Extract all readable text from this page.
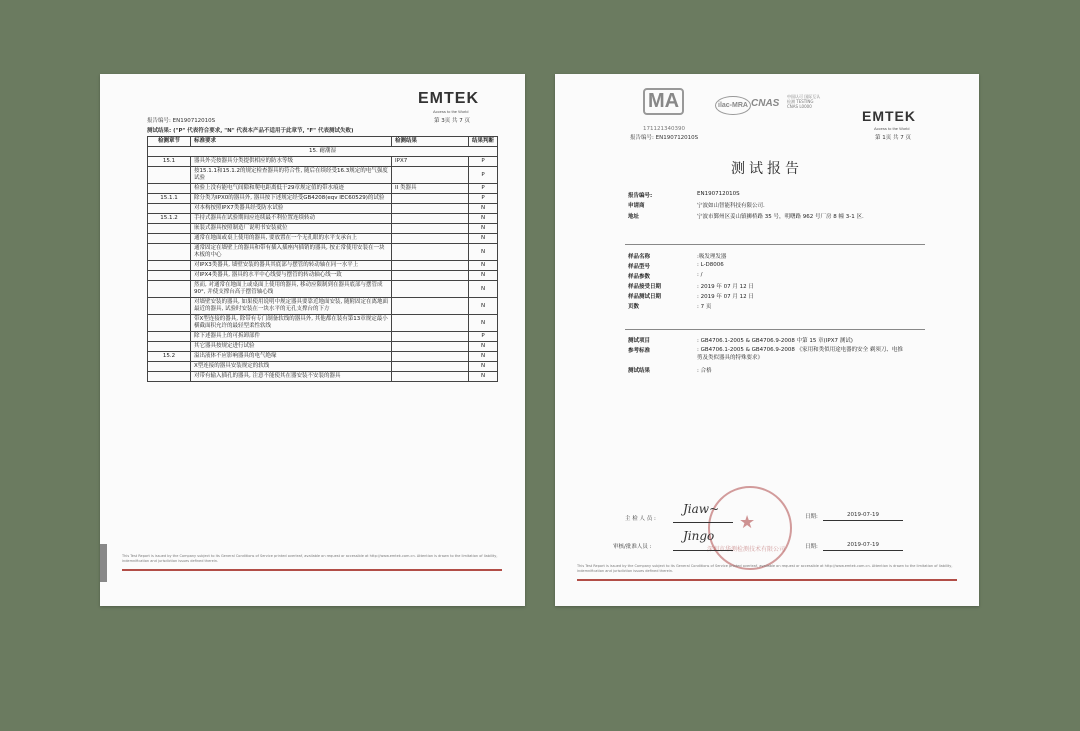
EMTEK
Access to the World
报告编号: EN190712010S	第 3页 共 7 页
测试结果: ("P" 代表符合要求, "N" 代表本产品不适用于此章节, "F" 代表测试失败)
检测章节	标准要求	检测结果	结果判断
15. 耐潮湿			
15.1	器具外壳按器具分类提供相应的防水等级	IPX7	P
	按15.1.1和15.1.2的规定检查器具的符合性, 随后在续经受16.3规定的电气强度试验		P
	检验上没有能电气间隙和爬电距离低于29章规定值的带水痕迹	II 类器具	P
15.1.1	除分类为IPX0的器具外, 器具按下述规定经受GB4208(eqv IEC60529)的试验		P
	对本构按照IPX7类器具经受防水试验		N
15.1.2	手持式器具在试验期间应连续最不利位置连续转动		N
	嵌装式器具按照制造厂说明书安装就位		N
	通常在地面或桌上使用的器具, 要放置在一个无孔眼的水平支承台上		N
	通常固定在墙壁上的器具和带有插入插座内插销的器具, 按正常使用安装在一块木板的中心		N
	对IPX3类器具, 墙壁安装的器具其底部与摆管的转动轴在同一水平上		N
	对IPX4类器具, 器具的水平中心线要与摆管的转动轴心线一致		N
	然而, 对通常在地面上或桌面上使用的器具, 移动应限制到在器具底部与摆管成90°, 并使支撑台高于摆管轴心线		N
	对墙壁安装的器具, 如果使用说明中规定器具要靠近地面安装, 随附固定在离地面最近的器具, 试验时安装在一块水平的无孔支撑台的下方		N
	带X型连接的器具, 除带有专门制备软线的器具外, 其他都在装有第13章规定最小横截面积允许的最轻型柔性软线		N
	除下述器具上的可拆卸部件		P
	其它器具按规定进行试验		N
15.2	溢出液体不应影响器具的电气绝缘		N
	X型连接的器具安装规定的软线		N
	对带有输入插孔的器具, 注意不能使其在器安装不安装的器具		N
This Test Report is issued by the Company subject to its General Conditions of Service printed overleaf, available on request or accessible at http://www.emtek.com.cn. Attention is drawn to the limitation of liability, indemnification and jurisdiction issues defined therein.
MA	ilac-MRA CNAS
中国认可 国际互认 检测 TESTING CNAS L0000
171121340390
报告编号: EN190712010S
EMTEK
Access to the World
第 1页 共 7 页
测试报告
报告编号:	EN190712010S
申请商	宁波如山智能科技有限公司.
地址	宁波市鄞州区姜山镇狮桥路 35 号，明曙路 962 号厂房 8 幢 3-1 区.
样品名称	:吸发理发器
样品型号	: L-D8006
样品参数	: /
样品接受日期	: 2019 年 07 月 12 日
样品测试日期	: 2019 年 07 月 12 日
页数	: 7 页
测试项目	: GB4706.1-2005 & GB4706.9-2008 中第 15 章(IPX7 测试)
参考标准	: GB4706.1-2005 & GB4706.9-2008 《家用和类似用途电器的安全 剃须刀、电推剪及类似器具的特殊要求》
测试结果	: 合格
★
深圳市华测检测技术有限公司
主 检 人 员 :
Jiaw~
日期:	2019-07-19
审核/批准人员 :
Jingo
日期:	2019-07-19
This Test Report is issued by the Company subject to its General Conditions of Service printed overleaf, available on request or accessible at http://www.emtek.com.cn. Attention is drawn to the limitation of liability, indemnification and jurisdiction issues defined therein.
